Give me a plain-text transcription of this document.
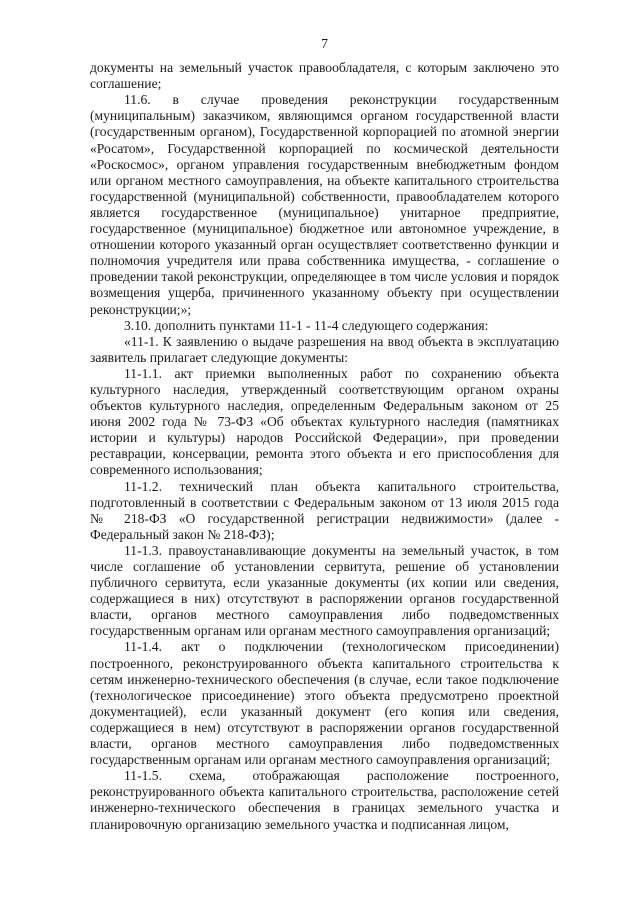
7

документы на земельный участок правообладателя, с которым заключено это соглашение;

11.6. в случае проведения реконструкции государственным (муниципальным) заказчиком, являющимся органом государственной власти (государственным органом), Государственной корпорацией по атомной энергии «Росатом», Государственной корпорацией по космической деятельности «Роскосмос», органом управления государственным внебюджетным фондом или органом местного самоуправления, на объекте капитального строительства государственной (муниципальной) собственности, правообладателем которого является государственное (муниципальное) унитарное предприятие, государственное (муниципальное) бюджетное или автономное учреждение, в отношении которого указанный орган осуществляет соответственно функции и полномочия учредителя или права собственника имущества, - соглашение о проведении такой реконструкции, определяющее в том числе условия и порядок возмещения ущерба, причиненного указанному объекту при осуществлении реконструкции;»;

3.10. дополнить пунктами 11-1 - 11-4 следующего содержания:

«11-1. К заявлению о выдаче разрешения на ввод объекта в эксплуатацию заявитель прилагает следующие документы:

11-1.1. акт приемки выполненных работ по сохранению объекта культурного наследия, утвержденный соответствующим органом охраны объектов культурного наследия, определенным Федеральным законом от 25 июня 2002 года № 73-ФЗ «Об объектах культурного наследия (памятниках истории и культуры) народов Российской Федерации», при проведении реставрации, консервации, ремонта этого объекта и его приспособления для современного использования;

11-1.2. технический план объекта капитального строительства, подготовленный в соответствии с Федеральным законом от 13 июля 2015 года № 218-ФЗ «О государственной регистрации недвижимости» (далее - Федеральный закон № 218-ФЗ);

11-1.3. правоустанавливающие документы на земельный участок, в том числе соглашение об установлении сервитута, решение об установлении публичного сервитута, если указанные документы (их копии или сведения, содержащиеся в них) отсутствуют в распоряжении органов государственной власти, органов местного самоуправления либо подведомственных государственным органам или органам местного самоуправления организаций;

11-1.4. акт о подключении (технологическом присоединении) построенного, реконструированного объекта капитального строительства к сетям инженерно-технического обеспечения (в случае, если такое подключение (технологическое присоединение) этого объекта предусмотрено проектной документацией), если указанный документ (его копия или сведения, содержащиеся в нем) отсутствуют в распоряжении органов государственной власти, органов местного самоуправления либо подведомственных государственным органам или органам местного самоуправления организаций;

11-1.5. схема, отображающая расположение построенного, реконструированного объекта капитального строительства, расположение сетей инженерно-технического обеспечения в границах земельного участка и планировочную организацию земельного участка и подписанная лицом,
